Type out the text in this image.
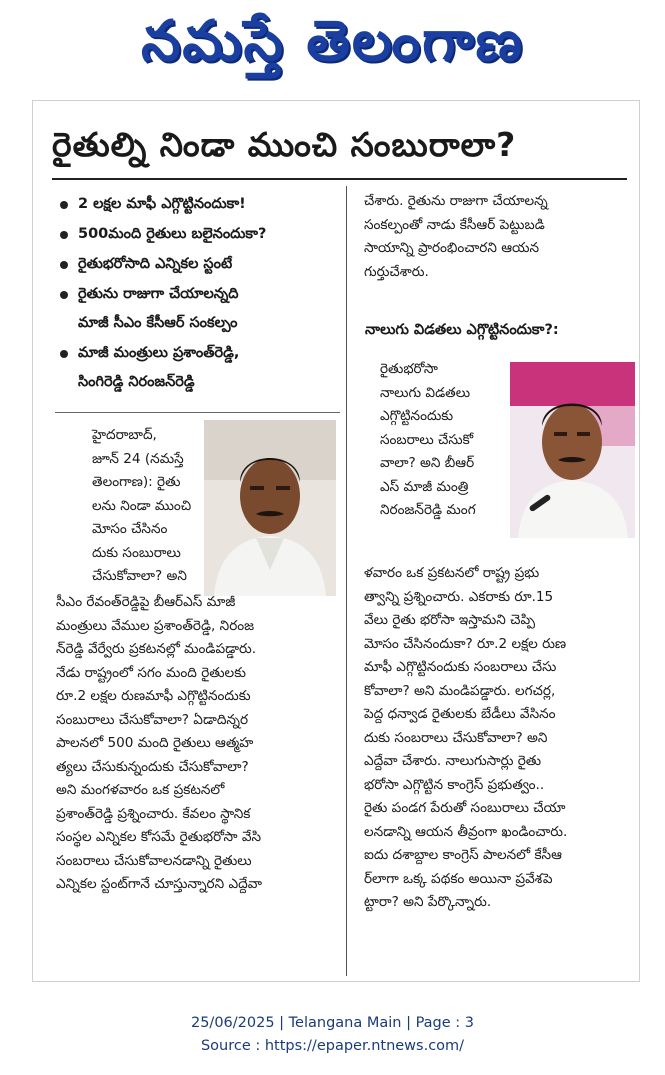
నమస్తే తెలంగాణ
రైతుల్ని నిండా ముంచి సంబురాలా?
2 లక్షల మాఫీ ఎగ్గొట్టినందుకా!
500మంది రైతులు బలైనందుకా?
రైతుభరోసాది ఎన్నికల స్టంటే
రైతును రాజుగా చేయాలన్నది
మాజీ సీఎం కేసీఆర్ సంకల్పం
మాజీ మంత్రులు ప్రశాంత్‌రెడ్డి,
సింగిరెడ్డి నిరంజన్‌రెడ్డి
హైదరాబాద్,
జూన్ 24 (నమస్తే
తెలంగాణ): రైతు
లను నిండా ముంచి
మోసం చేసినం
దుకు సంబురాలు
చేసుకోవాలా? అని
సీఎం రేవంత్‌రెడ్డిపై బీఆర్‌ఎస్ మాజీ
మంత్రులు వేముల ప్రశాంత్‌రెడ్డి, నిరంజ
న్‌రెడ్డి వేర్వేరు ప్రకటనల్లో మండిపడ్డారు.
నేడు రాష్ట్రంలో సగం మంది రైతులకు
రూ.2 లక్షల రుణమాఫీ ఎగ్గొట్టినందుకు
సంబురాలు చేసుకోవాలా? ఏడాదిన్నర
పాలనలో 500 మంది రైతులు ఆత్మహ
త్యలు చేసుకున్నందుకు చేసుకోవాలా?
అని మంగళవారం ఒక ప్రకటనలో
ప్రశాంత్‌రెడ్డి ప్రశ్నించారు. కేవలం స్థానిక
సంస్థల ఎన్నికల కోసమే రైతుభరోసా వేసి
సంబరాలు చేసుకోవాలనడాన్ని రైతులు
ఎన్నికల స్టంట్‌గానే చూస్తున్నారని ఎద్దేవా
చేశారు. రైతును రాజుగా చేయాలన్న
సంకల్పంతో నాడు కేసీఆర్ పెట్టుబడి
సాయాన్ని ప్రారంభించారని ఆయన
గుర్తుచేశారు.
నాలుగు విడతలు ఎగ్గొట్టినందుకా?:
రైతుభరోసా
నాలుగు విడతలు
ఎగ్గొట్టినందుకు
సంబరాలు చేసుకో
వాలా? అని బీఆర్
ఎస్ మాజీ మంత్రి
నిరంజన్‌రెడ్డి మంగ
ళవారం ఒక ప్రకటనలో రాష్ట్ర ప్రభు
త్వాన్ని ప్రశ్నించారు. ఎకరాకు రూ.15
వేలు రైతు భరోసా ఇస్తామని చెప్పి
మోసం చేసినందుకా? రూ.2 లక్షల రుణ
మాఫీ ఎగ్గొట్టినందుకు సంబరాలు చేసు
కోవాలా? అని మండిపడ్డారు. లగచర్ల,
పెద్ద ధన్వాడ రైతులకు బేడీలు వేసినం
దుకు సంబరాలు చేసుకోవాలా? అని
ఎద్దేవా చేశారు. నాలుగుసార్లు రైతు
భరోసా ఎగ్గొట్టిన కాంగ్రెస్ ప్రభుత్వం..
రైతు పండగ పేరుతో సంబురాలు చేయా
లనడాన్ని ఆయన తీవ్రంగా ఖండించారు.
ఐదు దశాబ్దాల కాంగ్రెస్ పాలనలో కేసీఆ
ర్‌లాగా ఒక్క పథకం అయినా ప్రవేశపె
ట్టారా? అని పేర్కొన్నారు.
25/06/2025 | Telangana Main | Page : 3
Source : https://epaper.ntnews.com/
